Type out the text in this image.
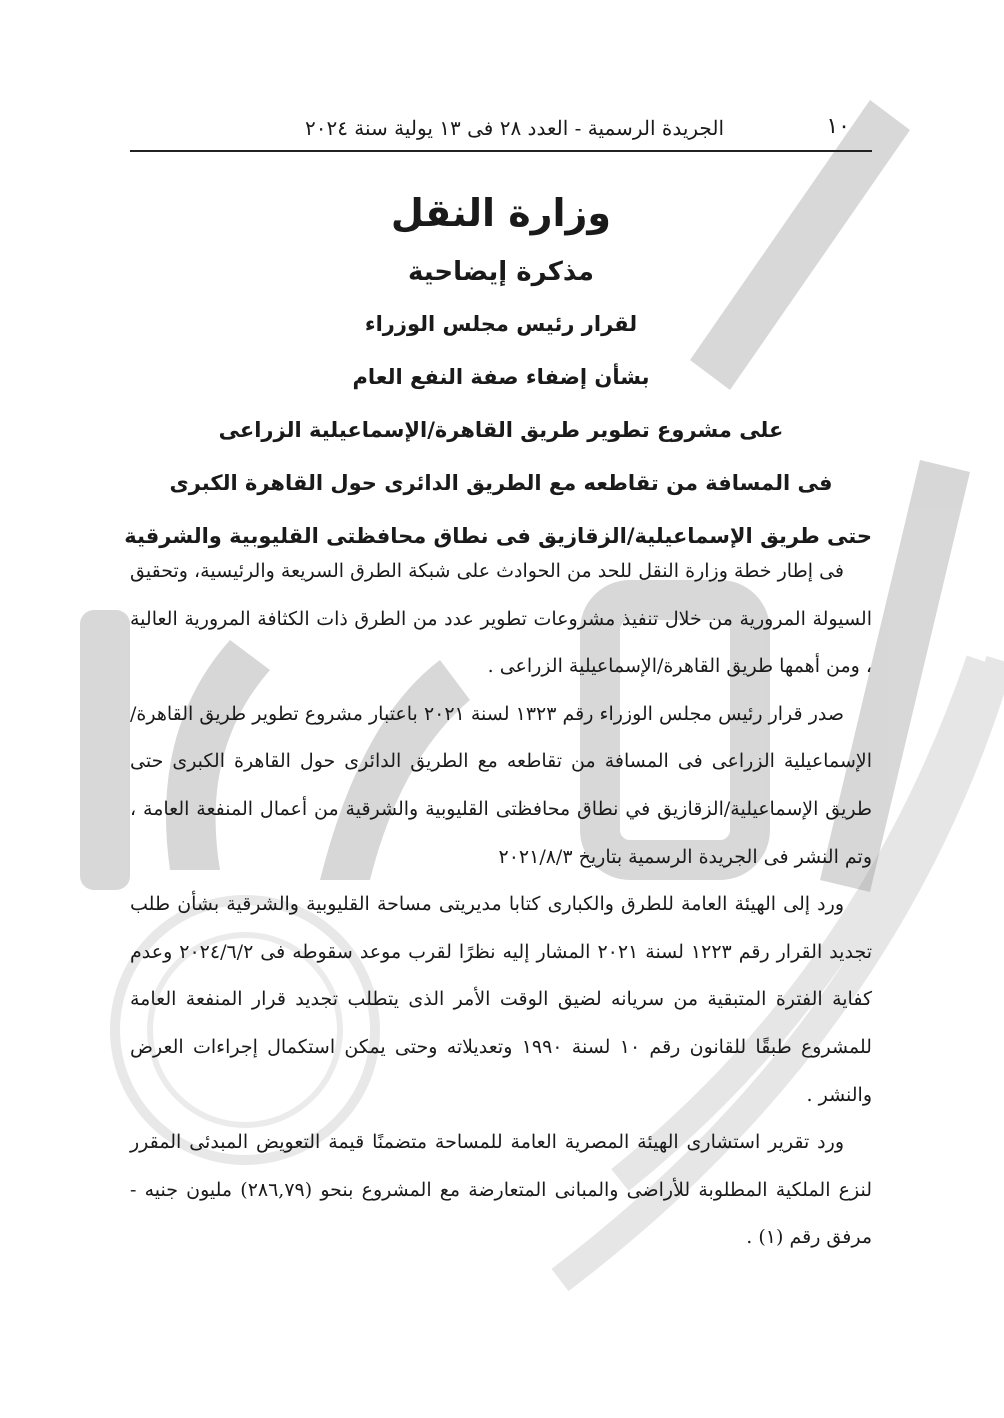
١٠
الجريدة الرسمية - العدد ٢٨ فى ١٣ يولية سنة ٢٠٢٤
وزارة النقل
مذكرة إيضاحية
لقرار رئيس مجلس الوزراء
بشأن إضفاء صفة النفع العام
على مشروع تطوير طريق القاهرة/الإسماعيلية الزراعى
فى المسافة من تقاطعه مع الطريق الدائرى حول القاهرة الكبرى
حتى طريق الإسماعيلية/الزقازيق فى نطاق محافظتى القليوبية والشرقية

فى إطار خطة وزارة النقل للحد من الحوادث على شبكة الطرق السريعة والرئيسية، وتحقيق السيولة المرورية من خلال تنفيذ مشروعات تطوير عدد من الطرق ذات الكثافة المرورية العالية ، ومن أهمها طريق القاهرة/الإسماعيلية الزراعى .

صدر قرار رئيس مجلس الوزراء رقم ١٣٢٣ لسنة ٢٠٢١ باعتبار مشروع تطوير طريق القاهرة/ الإسماعيلية الزراعى فى المسافة من تقاطعه مع الطريق الدائرى حول القاهرة الكبرى حتى طريق الإسماعيلية/الزقازيق في نطاق محافظتى القليوبية والشرقية من أعمال المنفعة العامة ، وتم النشر فى الجريدة الرسمية بتاريخ ٢٠٢١/٨/٣

ورد إلى الهيئة العامة للطرق والكبارى كتابا مديريتى مساحة القليوبية والشرقية بشأن طلب تجديد القرار رقم ١٢٢٣ لسنة ٢٠٢١ المشار إليه نظرًا لقرب موعد سقوطه فى ٢٠٢٤/٦/٢ وعدم كفاية الفترة المتبقية من سريانه لضيق الوقت الأمر الذى يتطلب تجديد قرار المنفعة العامة للمشروع طبقًا للقانون رقم ١٠ لسنة ١٩٩٠ وتعديلاته وحتى يمكن استكمال إجراءات العرض والنشر .

ورد تقرير استشارى الهيئة المصرية العامة للمساحة متضمنًا قيمة التعويض المبدئى المقرر لنزع الملكية المطلوبة للأراضى والمبانى المتعارضة مع المشروع بنحو (٢٨٦,٧٩) مليون جنيه - مرفق رقم (١) .
